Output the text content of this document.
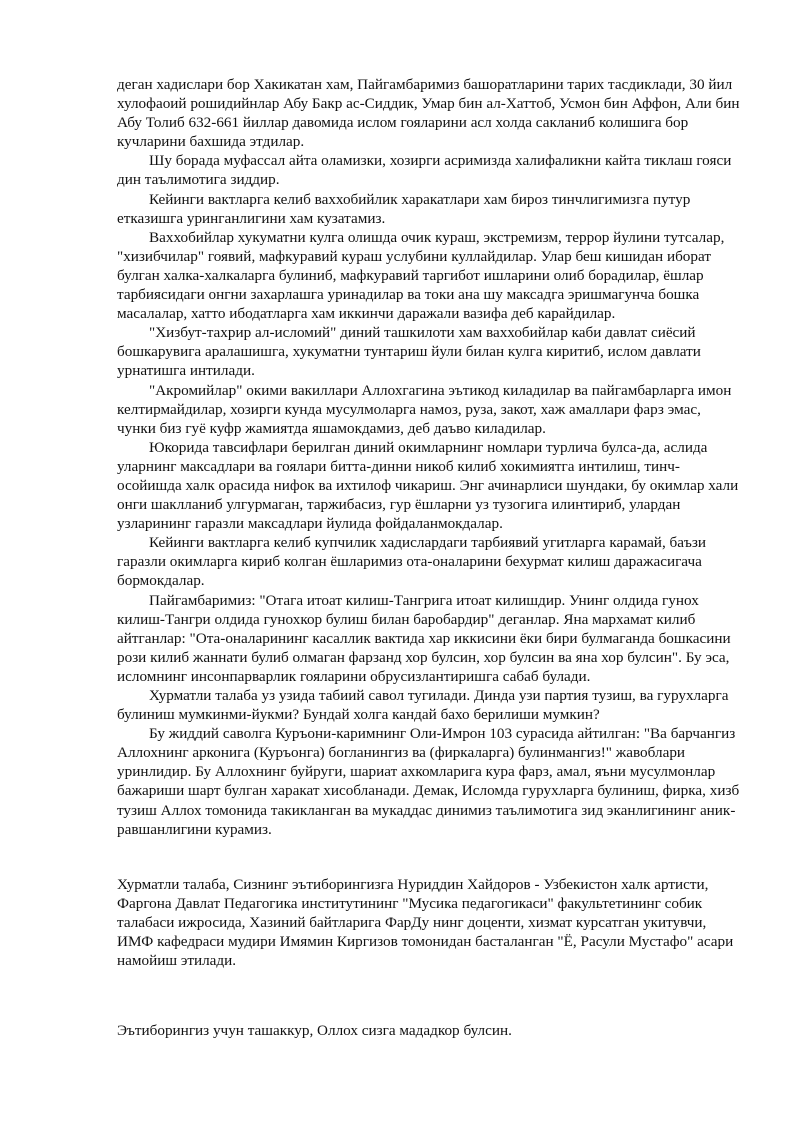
деган хадислари бор Хакикатан хам, Пайгамбаримиз башоратларини тарих тасдиклади, 30 йил хулофаоий рошидийнлар Абу Бакр ас-Сиддик, Умар бин ал-Хаттоб, Усмон бин Аффон, Али бин Абу Толиб 632-661 йиллар давомида ислом гояларини асл холда сакланиб колишига бор кучларини бахшида этдилар.

Шу борада муфассал айта оламизки, хозирги асримизда халифаликни кайта тиклаш гояси дин таълимотига зиддир.

Кейинги вактларга келиб ваххобийлик харакатлари хам бироз тинчлигимизга путур етказишга уринганлигини хам кузатамиз.

Ваххобийлар хукуматни кулга олишда очик кураш, экстремизм, террор йулини тутсалар, "хизибчилар" гоявий, мафкуравий кураш услубини куллайдилар. Улар беш кишидан иборат булган халка-халкаларга булиниб, мафкуравий таргибот ишларини олиб борадилар, ёшлар тарбиясидаги онгни захарлашга уринадилар ва токи ана шу максадга эришмагунча бошка масалалар, хатто ибодатларга хам иккинчи даражали вазифа деб карайдилар.

"Хизбут-тахрир ал-исломий" диний ташкилоти хам ваххобийлар каби давлат сиёсий бошкарувига аралашишга, хукуматни тунтариш йули билан кулга киритиб, ислом давлати урнатишга интилади.

"Акромийлар" окими вакиллари Аллохгагина эътикод киладилар ва пайгамбарларга имон келтирмайдилар, хозирги кунда мусулмоларга намоз, руза, закот, хаж амаллари фарз эмас, чунки биз гуё куфр жамиятда яшамокдамиз, деб даъво киладилар.

Юкорида тавсифлари берилган диний окимларнинг номлари турлича булса-да, аслида уларнинг максадлари ва гоялари битта-динни никоб килиб хокимиятга интилиш, тинч-осойишда халк орасида нифок ва ихтилоф чикариш. Энг ачинарлиси шундаки, бу окимлар хали онги шаклланиб улгурмаган, таржибасиз, гур ёшларни уз тузогига илинтириб, улардан узларининг гаразли максадлари йулида фойдаланмокдалар.

Кейинги вактларга келиб купчилик хадислардаги тарбиявий угитларга карамай, баъзи гаразли окимларга кириб колган ёшларимиз ота-оналарини бехурмат килиш даражасигача бормокдалар.

Пайгамбаримиз: "Отага итоат килиш-Тангрига итоат килишдир. Унинг олдида гунох килиш-Тангри олдида гунохкор булиш билан баробардир" деганлар. Яна мархамат килиб айтганлар: "Ота-оналарининг касаллик вактида хар иккисини ёки бири булмаганда бошкасини рози килиб жаннати булиб олмаган фарзанд хор булсин, хор булсин ва яна хор булсин". Бу эса, исломнинг инсонпарварлик гояларини обрусизлантиришга сабаб булади.

Хурматли талаба уз узида табиий савол тугилади. Динда узи партия тузиш, ва гурухларга булиниш мумкинми-йукми? Бундай холга кандай бахо берилиши мумкин?

Бу жиддий саволга Куръони-каримнинг Оли-Имрон 103 сурасида айтилган: "Ва барчангиз Аллохнинг арконига (Куръонга) богланингиз ва (фиркаларга) булинмангиз!" жавоблари уринлидир. Бу Аллохнинг буйруги, шариат ахкомларига кура фарз, амал, яъни мусулмонлар бажариши шарт булган харакат хисобланади. Демак, Исломда гурухларга булиниш, фирка, хизб тузиш Аллох томонида такикланган ва мукаддас динимиз таълимотига зид эканлигининг аник-равшанлигини курамиз.

Хурматли талаба, Сизнинг эътиборингизга Нуриддин Хайдоров - Узбекистон халк артисти, Фаргона Давлат Педагогика институтининг "Мусика педагогикаси" факультетининг собик талабаси ижросида, Хазиний байтларига ФарДу нинг доценти, хизмат курсатган укитувчи, ИМФ кафедраси мудири Имямин Киргизов томонидан басталанган "Ё, Расули Мустафо" асари намойиш этилади.

Эътиборингиз учун ташаккур, Оллох сизга мададкор булсин.
